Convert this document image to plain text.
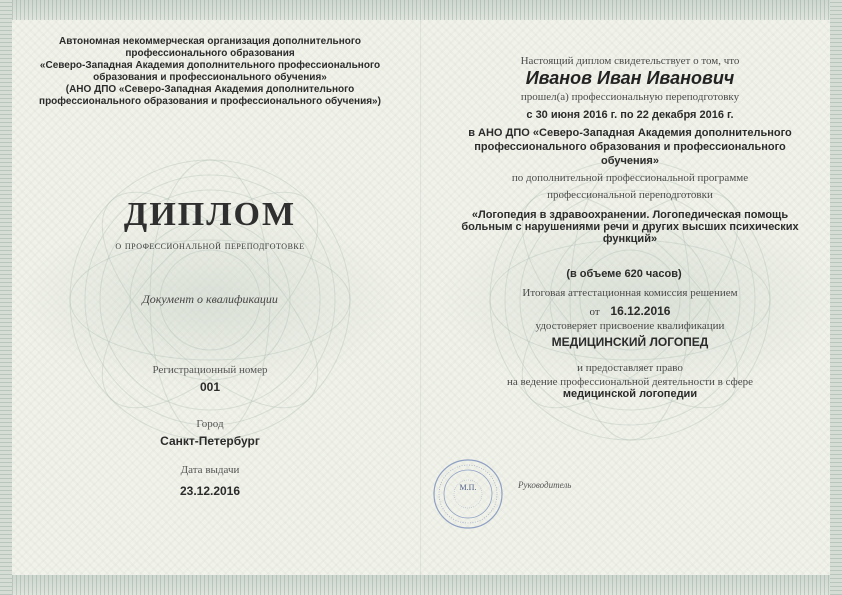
Автономная некоммерческая организация дополнительного
профессионального образования
«Северо-Западная Академия дополнительного профессионального
образования и профессионального обучения»
(АНО ДПО «Северо-Западная Академия дополнительного
профессионального образования и профессионального обучения»)
ДИПЛОМ
о профессиональной переподготовке
Документ о квалификации
Регистрационный номер
001
Город
Санкт-Петербург
Дата выдачи
23.12.2016
Настоящий диплом свидетельствует о том, что
Иванов Иван Иванович
прошел(а) профессиональную переподготовку
с 30 июня 2016 г. по 22 декабря 2016 г.
в АНО ДПО «Северо-Западная Академия дополнительного
профессионального образования и профессионального
обучения»
по дополнительной профессиональной программе
профессиональной переподготовки
«Логопедия в здравоохранении. Логопедическая помощь
больным с нарушениями речи и других высших психических
функций»
(в объеме 620 часов)
Итоговая аттестационная комиссия решением
от 16.12.2016
удостоверяет присвоение квалификации
МЕДИЦИНСКИЙ ЛОГОПЕД
и предоставляет право
на ведение профессиональной деятельности в сфере
медицинской логопедии
М.П.	Руководитель
